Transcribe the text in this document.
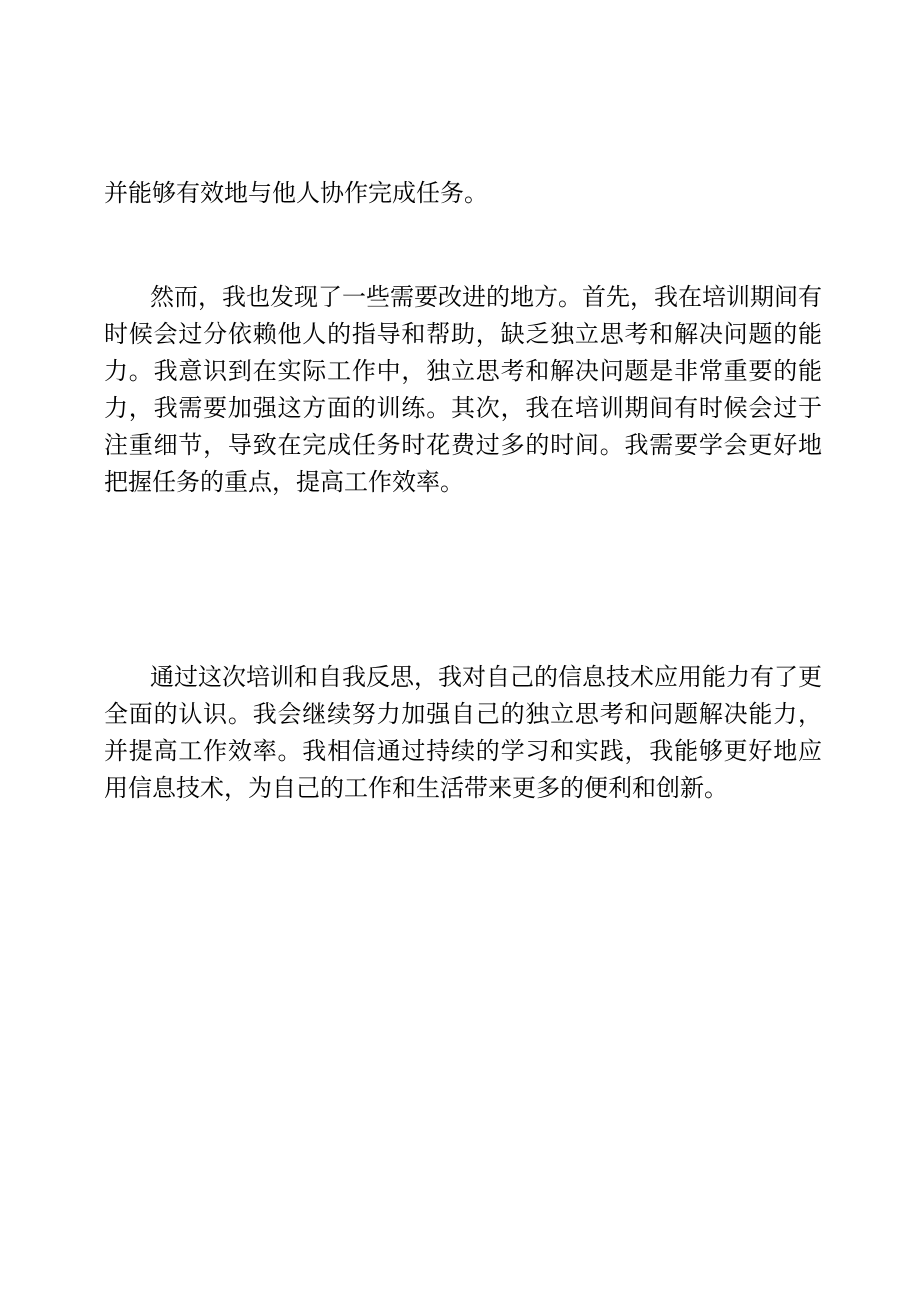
并能够有效地与他人协作完成任务。

然而，我也发现了一些需要改进的地方。首先，我在培训期间有时候会过分依赖他人的指导和帮助，缺乏独立思考和解决问题的能力。我意识到在实际工作中，独立思考和解决问题是非常重要的能力，我需要加强这方面的训练。其次，我在培训期间有时候会过于注重细节，导致在完成任务时花费过多的时间。我需要学会更好地把握任务的重点，提高工作效率。

通过这次培训和自我反思，我对自己的信息技术应用能力有了更全面的认识。我会继续努力加强自己的独立思考和问题解决能力，并提高工作效率。我相信通过持续的学习和实践，我能够更好地应用信息技术，为自己的工作和生活带来更多的便利和创新。
